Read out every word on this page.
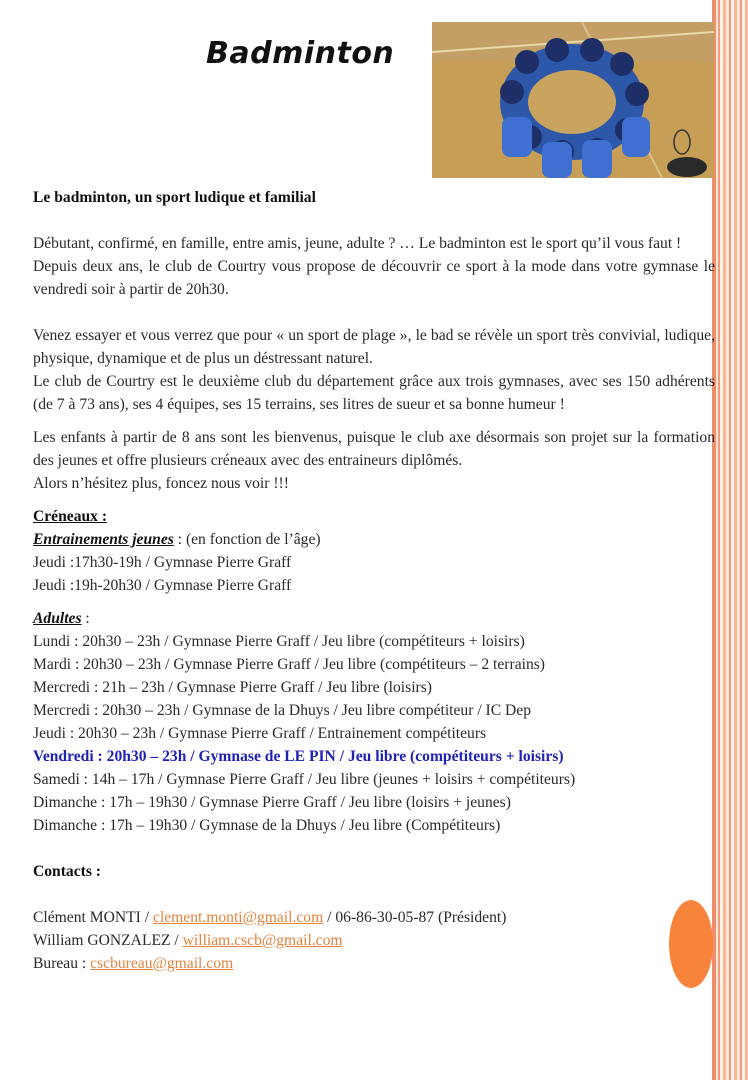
Badminton

Le badminton, un sport ludique et familial

Débutant, confirmé, en famille, entre amis, jeune, adulte ? … Le badminton est le sport qu’il vous faut !

Depuis deux ans, le club de Courtry vous propose de découvrir ce sport à la mode dans votre gymnase le vendredi soir à partir de 20h30.

Venez essayer et vous verrez que pour « un sport de plage », le bad se révèle un sport très convivial, ludique, physique, dynamique et de plus un déstressant naturel.

Le club de Courtry est le deuxième club du département grâce aux trois gymnases, avec ses 150 adhérents (de 7 à 73 ans), ses 4 équipes, ses 15 terrains, ses litres de sueur et sa bonne humeur !

Les enfants à partir de 8 ans sont les bienvenus, puisque le club axe désormais son projet sur la formation des jeunes et offre plusieurs créneaux avec des entraineurs diplômés.

Alors n’hésitez plus, foncez nous voir !!!

Créneaux :

Entrainements jeunes : (en fonction de l’âge)

Jeudi :17h30-19h / Gymnase Pierre Graff

Jeudi :19h-20h30 / Gymnase Pierre Graff

Adultes :

Lundi : 20h30 – 23h / Gymnase Pierre Graff / Jeu libre (compétiteurs + loisirs)

Mardi : 20h30 – 23h / Gymnase Pierre Graff / Jeu libre (compétiteurs – 2 terrains)

Mercredi : 21h – 23h / Gymnase Pierre Graff / Jeu libre (loisirs)

Mercredi : 20h30 – 23h / Gymnase de la Dhuys / Jeu libre compétiteur / IC Dep

Jeudi : 20h30 – 23h / Gymnase Pierre Graff / Entrainement compétiteurs

Vendredi : 20h30 – 23h / Gymnase de LE PIN / Jeu libre (compétiteurs + loisirs)

Samedi : 14h – 17h / Gymnase Pierre Graff / Jeu libre (jeunes + loisirs + compétiteurs)

Dimanche : 17h – 19h30 / Gymnase Pierre Graff / Jeu libre (loisirs + jeunes)

Dimanche : 17h – 19h30 / Gymnase de la Dhuys / Jeu libre (Compétiteurs)

Contacts :

Clément MONTI / clement.monti@gmail.com / 06-86-30-05-87 (Président)

William GONZALEZ / william.cscb@gmail.com

Bureau : cscbureau@gmail.com
